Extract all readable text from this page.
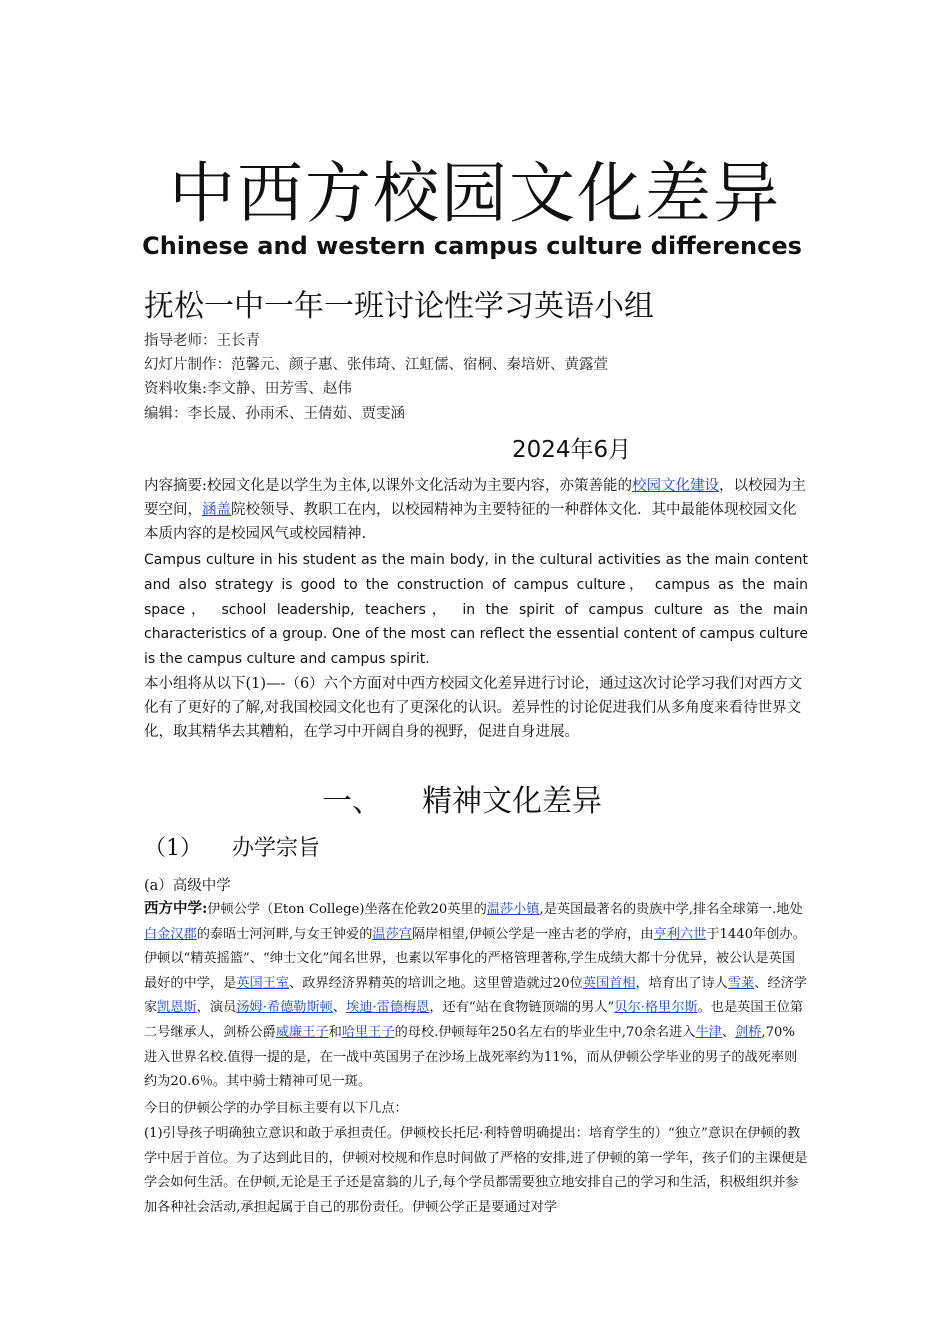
中西方校园文化差异
Chinese and western campus culture differences
抚松一中一年一班讨论性学习英语小组
指导老师：王长青
幻灯片制作：范馨元、颜子惠、张伟琦、江虹儒、宿桐、秦培妍、黄露萱
资料收集:李文静、田芳雪、赵伟
编辑：李长晟、孙雨禾、王倩茹、贾雯涵
2024年6月
内容摘要:校园文化是以学生为主体,以课外文化活动为主要内容，亦策善能的校园文化建设，以校园为主要空间，涵盖院校领导、教职工在内，以校园精神为主要特征的一种群体文化．其中最能体现校园文化本质内容的是校园风气或校园精神.
Campus culture in his student as the main body, in the cultural activities as the main content and also strategy is good to the construction of campus culture， campus as the main space， school leadership, teachers， in the spirit of campus culture as the main characteristics of a group. One of the most can reflect the essential content of campus culture is the campus culture and campus spirit.
本小组将从以下(1)—-（6）六个方面对中西方校园文化差异进行讨论，通过这次讨论学习我们对西方文化有了更好的了解,对我国校园文化也有了更深化的认识。差异性的讨论促进我们从多角度来看待世界文化，取其精华去其糟粕，在学习中开阔自身的视野，促进自身进展。
一、 精神文化差异
（1） 办学宗旨
(a）高级中学
西方中学:伊顿公学（Eton College)坐落在伦敦20英里的温莎小镇,是英国最著名的贵族中学,排名全球第一.地处白金汉郡的泰晤士河河畔,与女王钟爱的温莎宫隔岸相望,伊顿公学是一座古老的学府，由亨利六世于1440年创办。伊顿以“精英摇篮”、“绅士文化”闻名世界，也素以军事化的严格管理著称,学生成绩大都十分优异，被公认是英国最好的中学，是英国王室、政界经济界精英的培训之地。这里曾造就过20位英国首相，培育出了诗人雪莱、经济学家凯恩斯，演员汤姆·希德勒斯顿、埃迪·雷德梅恩，还有“站在食物链顶端的男人”贝尔·格里尔斯。也是英国王位第二号继承人，剑桥公爵威廉王子和哈里王子的母校.伊顿每年250名左右的毕业生中,70余名进入牛津、剑桥,70%进入世界名校.值得一提的是，在一战中英国男子在沙场上战死率约为11%，而从伊顿公学毕业的男子的战死率则约为20.6％。其中骑士精神可见一斑。
今日的伊顿公学的办学目标主要有以下几点：
(1)引导孩子明确独立意识和敢于承担责任。伊顿校长托尼·利特曾明确提出：培育学生的）“独立”意识在伊顿的教学中居于首位。为了达到此目的，伊顿对校规和作息时间做了严格的安排,进了伊顿的第一学年，孩子们的主课便是学会如何生活。在伊顿,无论是王子还是富翁的儿子,每个学员都需要独立地安排自己的学习和生活，积极组织并参加各种社会活动,承担起属于自己的那份责任。伊顿公学正是要通过对学
